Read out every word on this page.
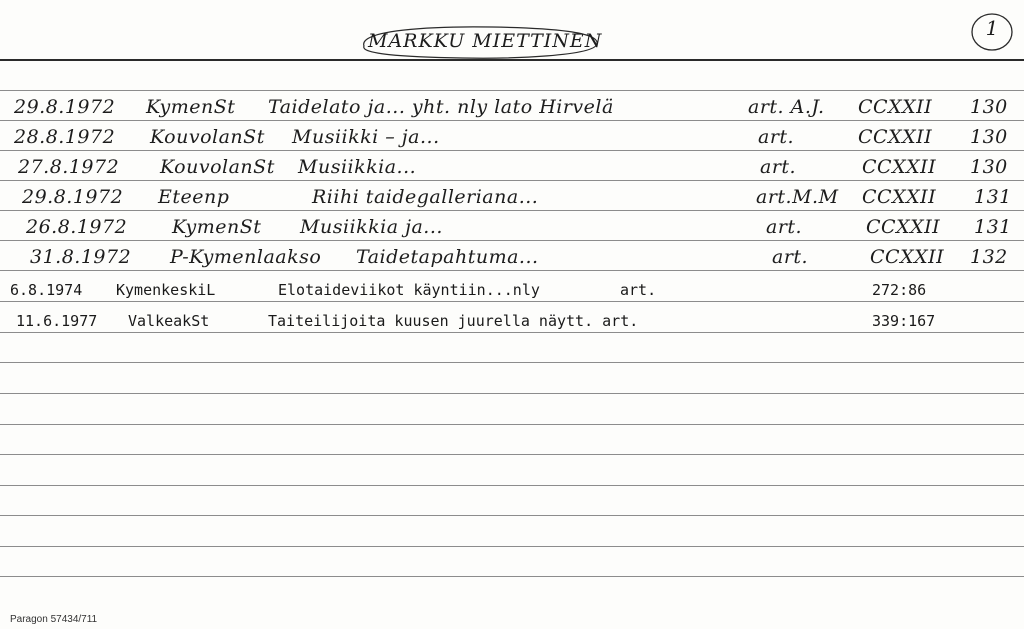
MARKKU MIETTINEN
1
29.8.1972 KymenSt Taidelato ja... yht. nly lato Hirvelä	art. A.J. CCXXII 130
28.8.1972 KouvolanSt Musiikki – ja...	art.	CCXXII 130
27.8.1972 KouvolanSt Musiikkia...	art.	CCXXII 130
29.8.1972 Eteenp	Riihi taidegalleriana...	art.M.M CCXXII 131
26.8.1972 KymenSt Musiikkia ja...	art.	CCXXII 131
31.8.1972 P-Kymenlaakso Taidetapahtuma...	art.	CCXXII 132
6.8.1974 KymenkeskiL	Elotaideviikot käyntiin...nly	art.	272:86
11.6.1977 ValkeakSt	Taiteilijoita kuusen juurella näytt. art.	339:167
Paragon 57434/711
